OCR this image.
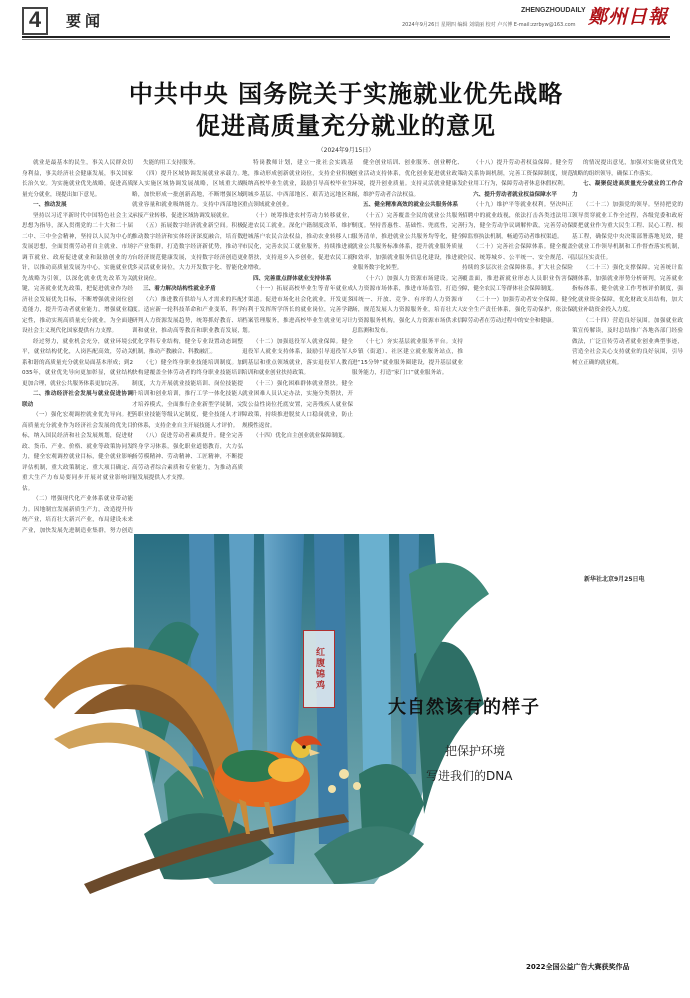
4	要闻
ZHENGZHOUDAILY 鄭州日報
2024年9月26日 星期四 编辑 刘瑞丽 校对 卢兴博 E-mail:zzrbyw@163.com
中共中央 国务院关于实施就业优先战略
促进高质量充分就业的意见
（2024年9月15日）

就业是最基本的民生，事关人民群众切身利益，事关经济社会健康发展，事关国家长治久安。为实施就业优先战略，促进高质量充分就业，现提出如下意见。

一、推动发展

坚持以习近平新时代中国特色社会主义思想为指导，深入贯彻党的二十大和二十届二中、三中全会精神，坚持以人民为中心的发展思想，全面贯彻劳动者自主就业、市场调节就业、政府促进就业和鼓励创业的方针，以推动高质量发展为中心，实施就业优先战略为引领，以深化就业优先改革为关键，完善就业优先政策，把促进就业作为经济社会发展优先目标，不断增强就业岗位创造能力，提升劳动者就业能力，增强就业稳定性，推动实现高质量充分就业，为全面建设社会主义现代化国家提供有力支撑。

经过努力，就业机会充分，就业环境公平，就业结构优化，人岗匹配高效，劳动关系和谐的高质量充分就业局面基本形成；到2035年，就业优先导向更加彰显，就业结构更加合理，就业公共服务体系更加完善。

二、推动经济社会发展与就业促进协调联动

（一）强化宏观调控就业优先导向。把高质量充分就业作为经济社会发展的优先目标，纳入国民经济和社会发展规划，促进财政、货币、产业、价格、就业等政策协同发力，健全宏观调控就业目标，健全就业影响评估机制，重大政策制定、重大项目确定、重大生产力布局要同步开展对就业影响评估。

（二）增强现代化产业体系就业带动能力。因地制宜发展新质生产力，改造提升传统产业，培育壮大新兴产业，布局建设未来产业，加快发展先进制造业集群，努力创造

失能的用工支持服务。

（四）提升区域协调发展就业承载力。深入实施区域协调发展战略，区域重大战略，加快形成一批创新高地，不断增强区域就业容量和就业吸纳能力。支持中西部地区承接产业转移，促进区域协调发展就业。

（五）拓展数字经济就业新空间。积极推动数字经济和实体经济深度融合，培育数字产业集群，打造数字经济新优势，推动平台经济规范健康发展，支持数字经济创造更多灵活就业岗位，大力开发数字化、智能化就业岗位。

三、着力解决结构性就业矛盾

（六）推进教育供给与人才需求的匹配度。适应新一轮科技革命和产业变革，科学研判人力资源发展趋势，统筹抓好教育、培训和就业，推动高等教育和职业教育发展，优化学科专业结构，健全专业设置动态调整机制，推动产教融合、科教融汇。

（七）健全终身职业技能培训制度。加快构建覆盖全体劳动者的终身职业技能培训制度，大力开展就业技能培训、岗位技能提升培训和创业培训，推行工学一体化技能人才培养模式，全面推行企业新型学徒制，完善职业技能等级认定制度，健全技能人才评价体系，支持企业自主开展技能人才评价。

（八）促进劳动者素质提升。健全完善终身学习体系，强化职业道德教育，大力弘扬劳模精神、劳动精神、工匠精神，不断提高劳动者综合素质和专业能力，为推动高质量发展提供人才支撑。

特岗教师计划，建立一批社会实践基地，推动形成创新就业岗位，支持企业积极吸纳高校毕业生就业，鼓励引导高校毕业生到城乡基层、中西部地区、艰苦边远地区和重点领域就业创业。

（十）统筹推进农村劳动力转移就业，促进农民工就业。深化户籍制度改革，维护进城落户农民合法权益，推动农业转移人口市民化，完善农民工就业服务，持续推进就业帮扶，支持返乡入乡创业，促进农民工就业增收。

四、完善重点群体就业支持体系

（十一）拓展高校毕业生等青年就业成才渠道。促进市场化社会化就业，开发更多有利于发挥所学所长的就业岗位，完善学籍档案管理服务，推进高校毕业生就业见习计划。

（十二）加强退役军人就业保障。健全退役军人就业支持体系，鼓励引导退役军人到基层和重点领域就业，落实退役军人教育培训和就业创业扶持政策。

（十三）强化困难群体就业帮扶。健全就业困难人员认定办法，实施分类帮扶，开发公益性岗位托底安置，完善残疾人就业保障政策，持续推进脱贫人口稳岗就业，防止规模性返贫。

（十四）优化自主创业就业保障制度。

健全创业培训、创业服务、创业孵化、创业活动支持体系，优化创业促进就业政策环境，提升创业质量。支持灵活就业健康发展，维护劳动者合法权益。

五、健全精准高效的就业公共服务体系

（十五）完善覆盖全民的就业公共服务制度。坚持普惠性、基础性、兜底性，完善服务清单，推进就业公共服务均等化，健全就业公共服务标准体系，提升就业服务质量和效率，加强就业服务信息化建设，推进就业服务数字化转型。

（十六）加强人力资源市场建设。完善人力资源市场体系，推进市场监管，打造全国统一、开放、竞争、有序的人力资源市场，规范发展人力资源服务业，培育壮大人力资源服务机构，强化人力资源市场供求信息监测和发布。

（十七）夯实基层就业服务平台。支持乡镇（街道）、社区建立就业服务站点，推进“15分钟”就业服务圈建设，提升基层就业服务能力，打造“家门口”就业服务站。

（十八）提升劳动者权益保障。健全劳动关系协调机制，完善工资保障制度，规范企业用工行为，保障劳动者休息休假权利。

六、提升劳动者就业权益保障水平

（十九）维护平等就业权利。坚决纠正招聘中的就业歧视，依法打击各类违法用工行为，健全劳动争议调解仲裁，完善劳动保障监察执法机制，畅通劳动者维权渠道。

（二十）完善社会保障体系。健全覆盖全民、统筹城乡、公平统一、安全规范、可持续的多层次社会保障体系，扩大社会保险覆盖面，推进新就业形态人员职业伤害保障，健全农民工等群体社会保障制度。

（二十一）加强劳动者安全保障。健全安全生产责任体系，强化劳动保护，依法保障劳动者在劳动过程中的安全和健康。

的情况提出意见，加强对实施就业优先战略的组织领导，确保工作落实。

七、凝聚促进高质量充分就业的工作合力

（二十二）加强党的领导。坚持把党的领导贯穿就业工作全过程，各级党委和政府要把就业作为重大民生工程、民心工程、根基工程，确保党中央决策部署落地见效，健全就业工作领导机制和工作督查落实机制，层层压实责任。

（二十三）强化支撑保障。完善统计监测体系，加强就业形势分析研判，完善就业指标体系，健全就业工作考核评价制度，强化就业资金保障，优化财政支出结构，加大就业补助资金投入力度。

（二十四）营造良好氛围。加强就业政策宣传解读，及时总结推广各地各部门经验做法，广泛宣传劳动者就业创业典型事迹，营造全社会关心支持就业的良好氛围，引导树立正确的就业观。

新华社北京9月25日电
红腹锦鸡
大自然该有的样子
把保护环境
写进我们的DNA
2022全国公益广告大赛获奖作品
